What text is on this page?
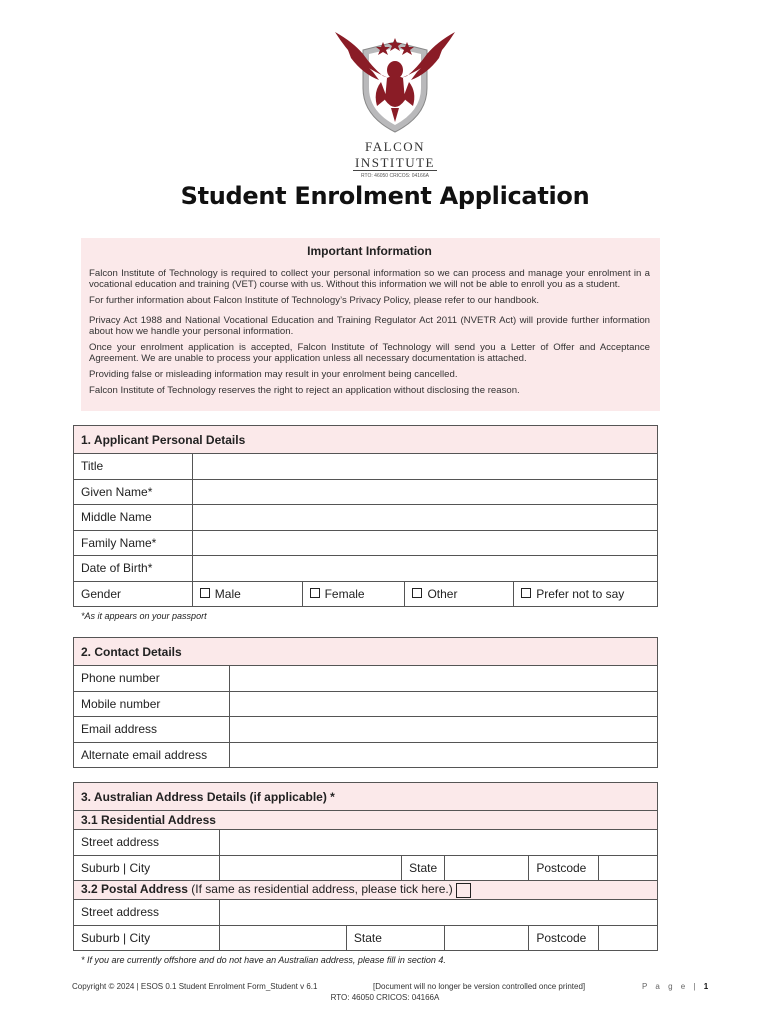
FALCON
INSTITUTE
RTO: 46050 CRICOS: 04166A
Student Enrolment Application
Important Information

Falcon Institute of Technology is required to collect your personal information so we can process and manage your enrolment in a vocational education and training (VET) course with us. Without this information we will not be able to enroll you as a student.

For further information about Falcon Institute of Technology’s Privacy Policy, please refer to our handbook.

Privacy Act 1988 and National Vocational Education and Training Regulator Act 2011 (NVETR Act) will provide further information about how we handle your personal information.

Once your enrolment application is accepted, Falcon Institute of Technology will send you a Letter of Offer and Acceptance Agreement. We are unable to process your application unless all necessary documentation is attached.

Providing false or misleading information may result in your enrolment being cancelled.

Falcon Institute of Technology reserves the right to reject an application without disclosing the reason.

1. Applicant Personal Details				
Title				
Given Name*				
Middle Name				
Family Name*				
Date of Birth*				
Gender	Male	Female	Other	Prefer not to say
*As it appears on your passport
2. Contact Details	
Phone number	
Mobile number	
Email address	
Alternate email address	
3. Australian Address Details (if applicable) *						
3.1 Residential Address						
Street address						
Suburb | City			State		Postcode	
3.2 Postal Address (If same as residential address, please tick here.)						
Street address						
Suburb | City		State			Postcode	
* If you are currently offshore and do not have an Australian address, please fill in section 4.
Copyright © 2024 | ESOS 0.1 Student Enrolment Form_Student v 6.1	[Document will no longer be version controlled once printed]	P a g e | 1
RTO: 46050 CRICOS: 04166A
